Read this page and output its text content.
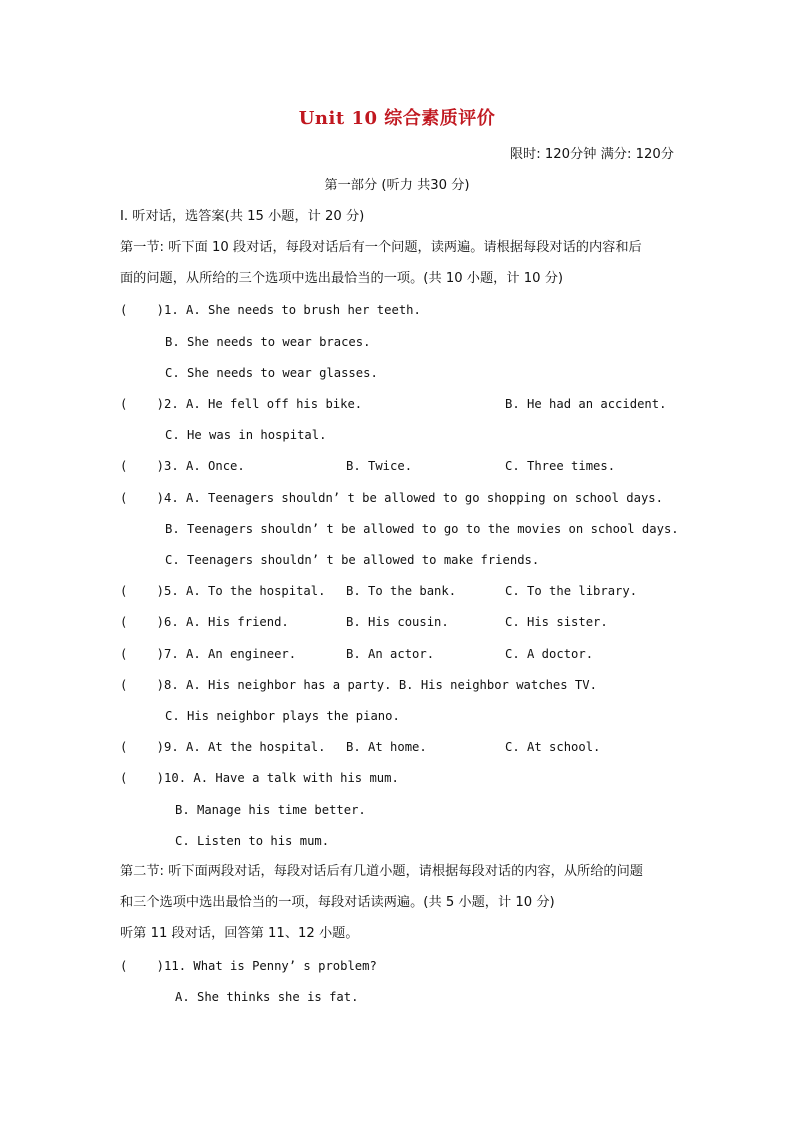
Unit 10 综合素质评价
限时: 120分钟 满分: 120分
第一部分 (听力 共30 分)
I. 听对话，选答案(共 15 小题，计 20 分)
第一节: 听下面 10 段对话，每段对话后有一个问题，读两遍。请根据每段对话的内容和后
面的问题，从所给的三个选项中选出最恰当的一项。(共 10 小题，计 10 分)
(    )1. A. She needs to brush her teeth.
B. She needs to wear braces.
C. She needs to wear glasses.
(    )2. A. He fell off his bike.	B. He had an accident.
C. He was in hospital.
(    )3. A. Once.	B. Twice.	C. Three times.
(    )4. A. Teenagers shouldn’ t be allowed to go shopping on school days.
B. Teenagers shouldn’ t be allowed to go to the movies on school days.
C. Teenagers shouldn’ t be allowed to make friends.
(    )5. A. To the hospital. B. To the bank.	C. To the library.
(    )6. A. His friend.	B. His cousin.	C. His sister.
(    )7. A. An engineer.	B. An actor.	C. A doctor.
(    )8. A. His neighbor has a party. B. His neighbor watches TV.
C. His neighbor plays the piano.
(    )9. A. At the hospital. B. At home.	C. At school.
(    )10. A. Have a talk with his mum.
B. Manage his time better.
C. Listen to his mum.
第二节: 听下面两段对话，每段对话后有几道小题，请根据每段对话的内容，从所给的问题
和三个选项中选出最恰当的一项，每段对话读两遍。(共 5 小题，计 10 分)
听第 11 段对话，回答第 11、12 小题。
(    )11. What is Penny’ s problem?
A. She thinks she is fat.
